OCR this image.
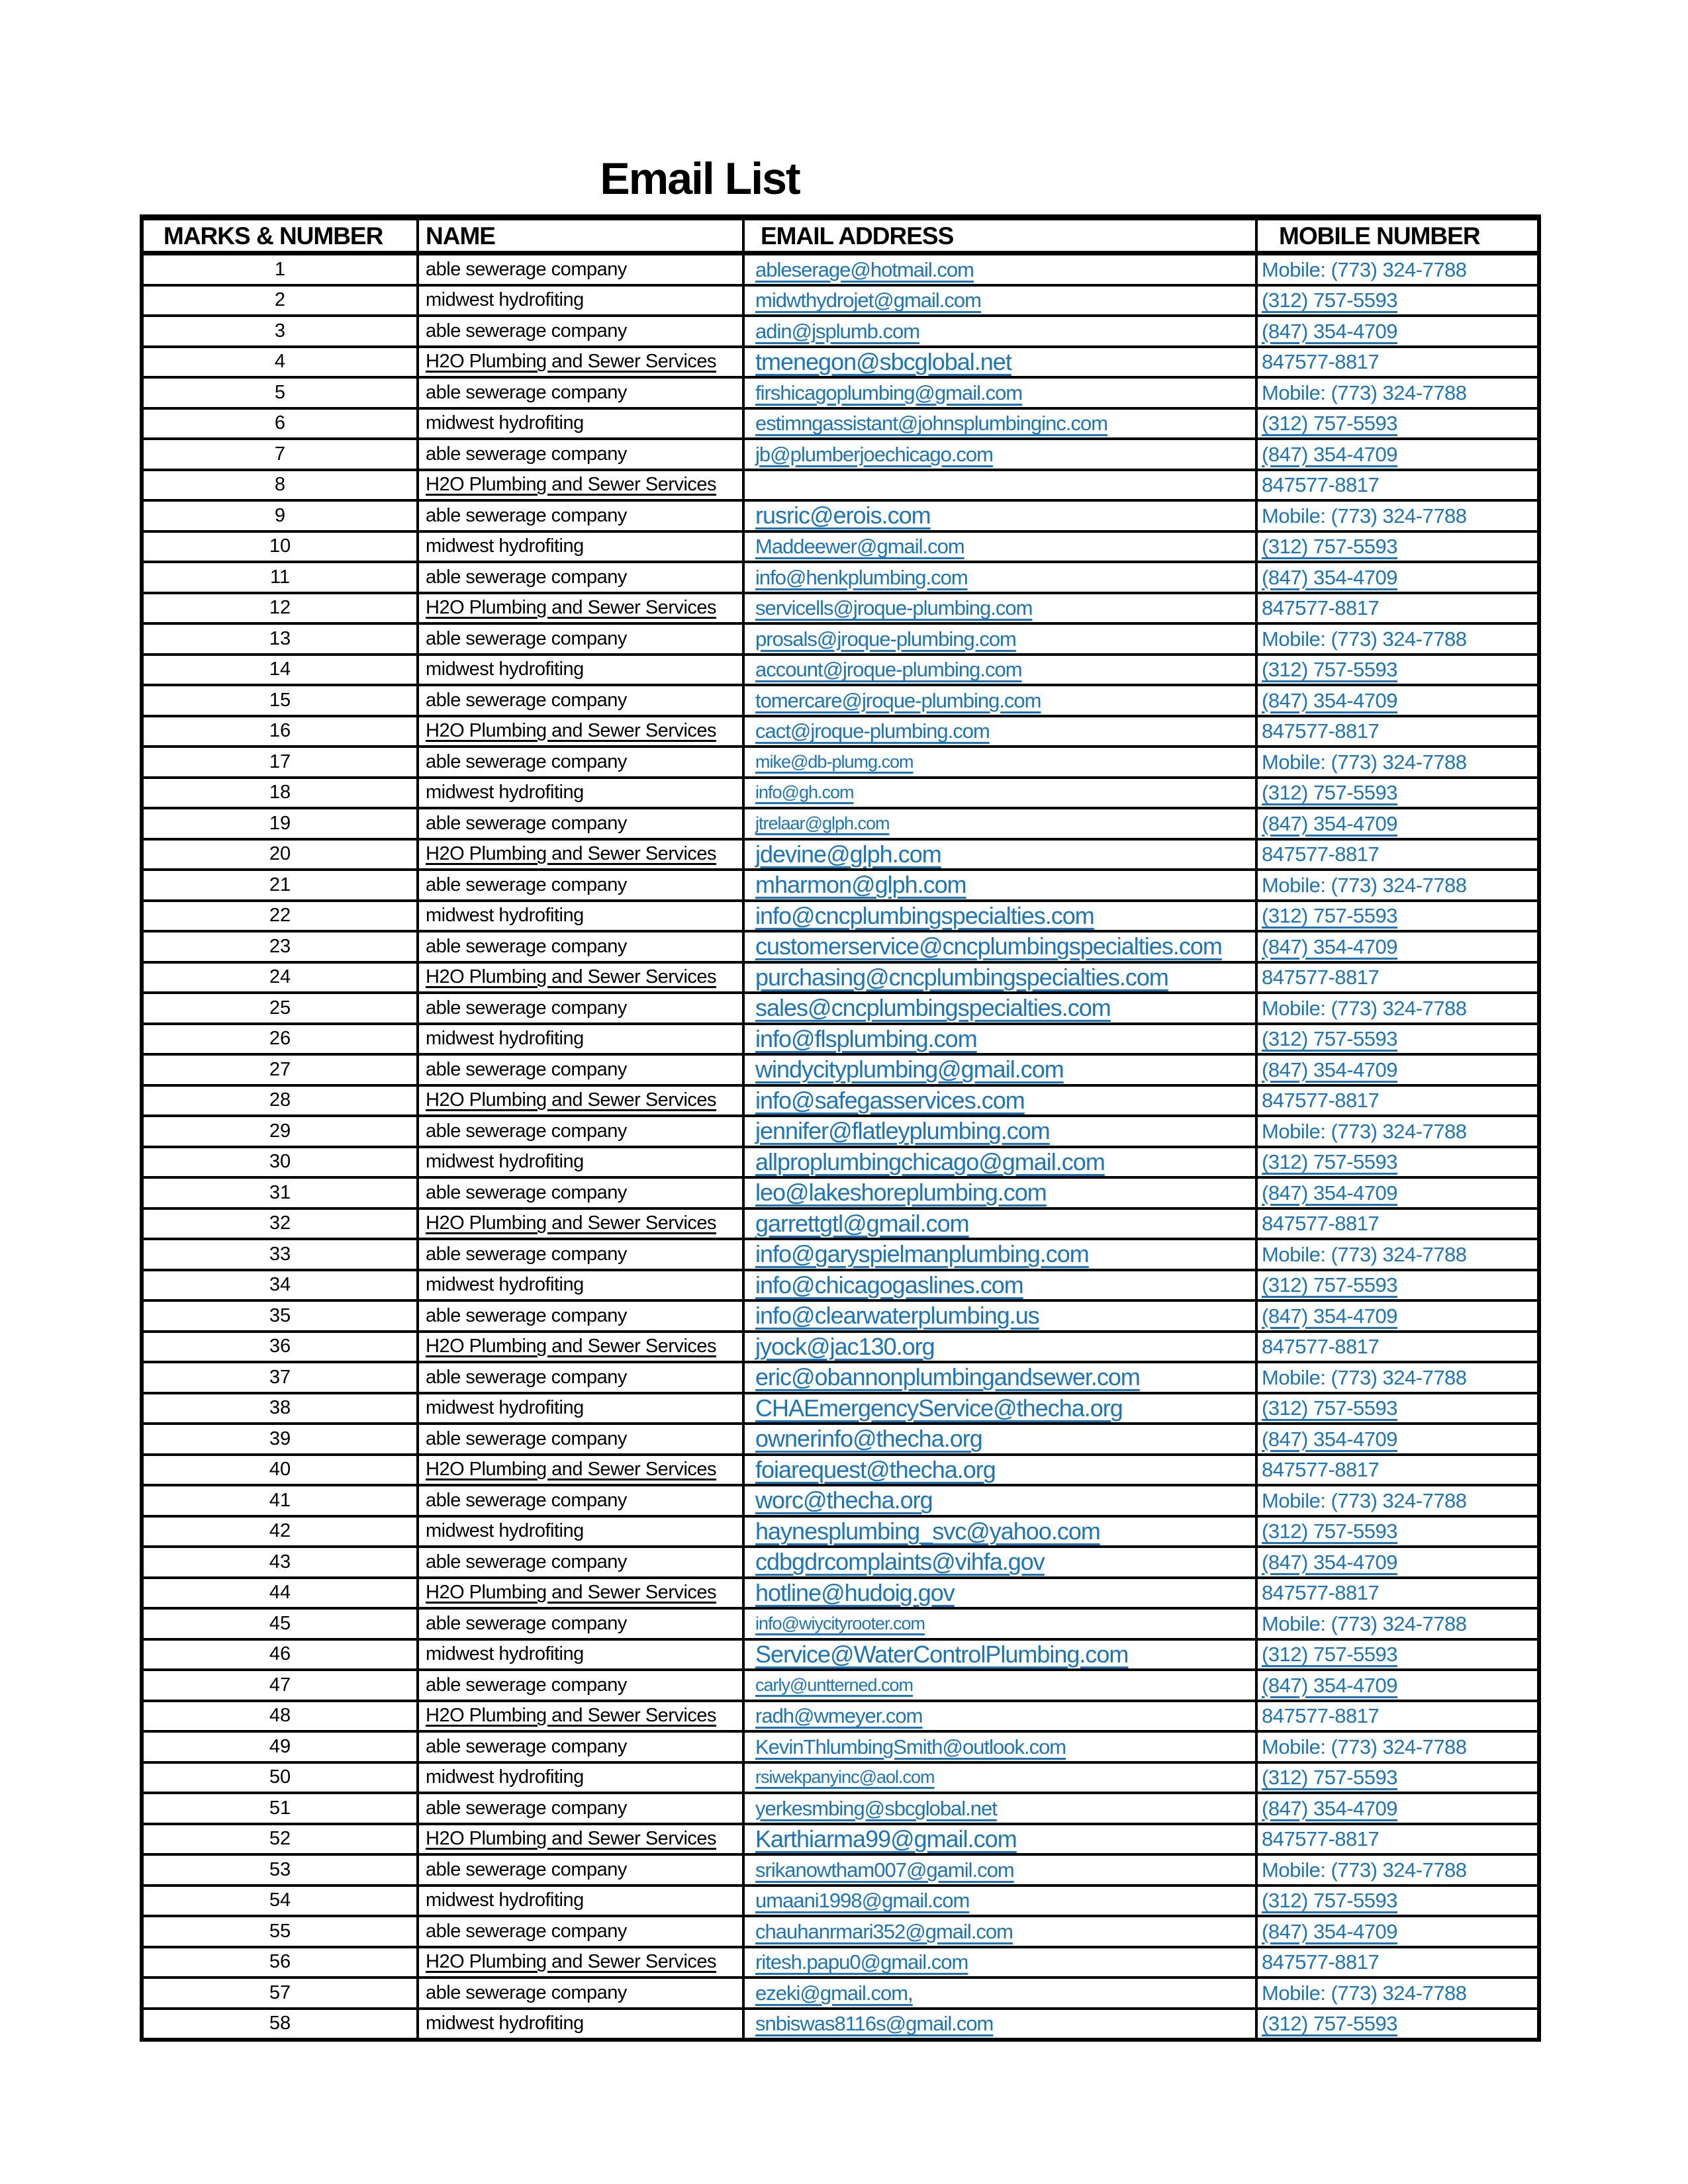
Email List
MARKS & NUMBER	NAME	EMAIL ADDRESS	MOBILE NUMBER
1	able sewerage company	ableserage@hotmail.com	Mobile: (773) 324-7788
2	midwest hydrofiting	midwthydrojet@gmail.com	(312) 757-5593
3	able sewerage company	adin@jsplumb.com	(847) 354-4709
4	H2O Plumbing and Sewer Services	tmenegon@sbcglobal.net	847577-8817
5	able sewerage company	firshicagoplumbing@gmail.com	Mobile: (773) 324-7788
6	midwest hydrofiting	estimngassistant@johnsplumbinginc.com	(312) 757-5593
7	able sewerage company	jb@plumberjoechicago.com	(847) 354-4709
8	H2O Plumbing and Sewer Services		847577-8817
9	able sewerage company	rusric@erois.com	Mobile: (773) 324-7788
10	midwest hydrofiting	Maddeewer@gmail.com	(312) 757-5593
11	able sewerage company	info@henkplumbing.com	(847) 354-4709
12	H2O Plumbing and Sewer Services	servicells@jroque-plumbing.com	847577-8817
13	able sewerage company	prosals@jroque-plumbing.com	Mobile: (773) 324-7788
14	midwest hydrofiting	account@jroque-plumbing.com	(312) 757-5593
15	able sewerage company	tomercare@jroque-plumbing.com	(847) 354-4709
16	H2O Plumbing and Sewer Services	cact@jroque-plumbing.com	847577-8817
17	able sewerage company	mike@db-plumg.com	Mobile: (773) 324-7788
18	midwest hydrofiting	info@gh.com	(312) 757-5593
19	able sewerage company	jtrelaar@glph.com	(847) 354-4709
20	H2O Plumbing and Sewer Services	jdevine@glph.com	847577-8817
21	able sewerage company	mharmon@glph.com	Mobile: (773) 324-7788
22	midwest hydrofiting	info@cncplumbingspecialties.com	(312) 757-5593
23	able sewerage company	customerservice@cncplumbingspecialties.com	(847) 354-4709
24	H2O Plumbing and Sewer Services	purchasing@cncplumbingspecialties.com	847577-8817
25	able sewerage company	sales@cncplumbingspecialties.com	Mobile: (773) 324-7788
26	midwest hydrofiting	info@flsplumbing.com	(312) 757-5593
27	able sewerage company	windycityplumbing@gmail.com	(847) 354-4709
28	H2O Plumbing and Sewer Services	info@safegasservices.com	847577-8817
29	able sewerage company	jennifer@flatleyplumbing.com	Mobile: (773) 324-7788
30	midwest hydrofiting	allproplumbingchicago@gmail.com	(312) 757-5593
31	able sewerage company	leo@lakeshoreplumbing.com	(847) 354-4709
32	H2O Plumbing and Sewer Services	garrettgtl@gmail.com	847577-8817
33	able sewerage company	info@garyspielmanplumbing.com	Mobile: (773) 324-7788
34	midwest hydrofiting	info@chicagogaslines.com	(312) 757-5593
35	able sewerage company	info@clearwaterplumbing.us	(847) 354-4709
36	H2O Plumbing and Sewer Services	jyock@jac130.org	847577-8817
37	able sewerage company	eric@obannonplumbingandsewer.com	Mobile: (773) 324-7788
38	midwest hydrofiting	CHAEmergencyService@thecha.org	(312) 757-5593
39	able sewerage company	ownerinfo@thecha.org	(847) 354-4709
40	H2O Plumbing and Sewer Services	foiarequest@thecha.org	847577-8817
41	able sewerage company	worc@thecha.org	Mobile: (773) 324-7788
42	midwest hydrofiting	haynesplumbing_svc@yahoo.com	(312) 757-5593
43	able sewerage company	cdbgdrcomplaints@vihfa.gov	(847) 354-4709
44	H2O Plumbing and Sewer Services	hotline@hudoig.gov	847577-8817
45	able sewerage company	info@wiycityrooter.com	Mobile: (773) 324-7788
46	midwest hydrofiting	Service@WaterControlPlumbing.com	(312) 757-5593
47	able sewerage company	carly@untterned.com	(847) 354-4709
48	H2O Plumbing and Sewer Services	radh@wmeyer.com	847577-8817
49	able sewerage company	KevinThlumbingSmith@outlook.com	Mobile: (773) 324-7788
50	midwest hydrofiting	rsiwekpanyinc@aol.com	(312) 757-5593
51	able sewerage company	yerkesmbing@sbcglobal.net	(847) 354-4709
52	H2O Plumbing and Sewer Services	Karthiarma99@gmail.com	847577-8817
53	able sewerage company	srikanowtham007@gamil.com	Mobile: (773) 324-7788
54	midwest hydrofiting	umaani1998@gmail.com	(312) 757-5593
55	able sewerage company	chauhanrmari352@gmail.com	(847) 354-4709
56	H2O Plumbing and Sewer Services	ritesh.papu0@gmail.com	847577-8817
57	able sewerage company	ezeki@gmail.com,	Mobile: (773) 324-7788
58	midwest hydrofiting	snbiswas8116s@gmail.com	(312) 757-5593
